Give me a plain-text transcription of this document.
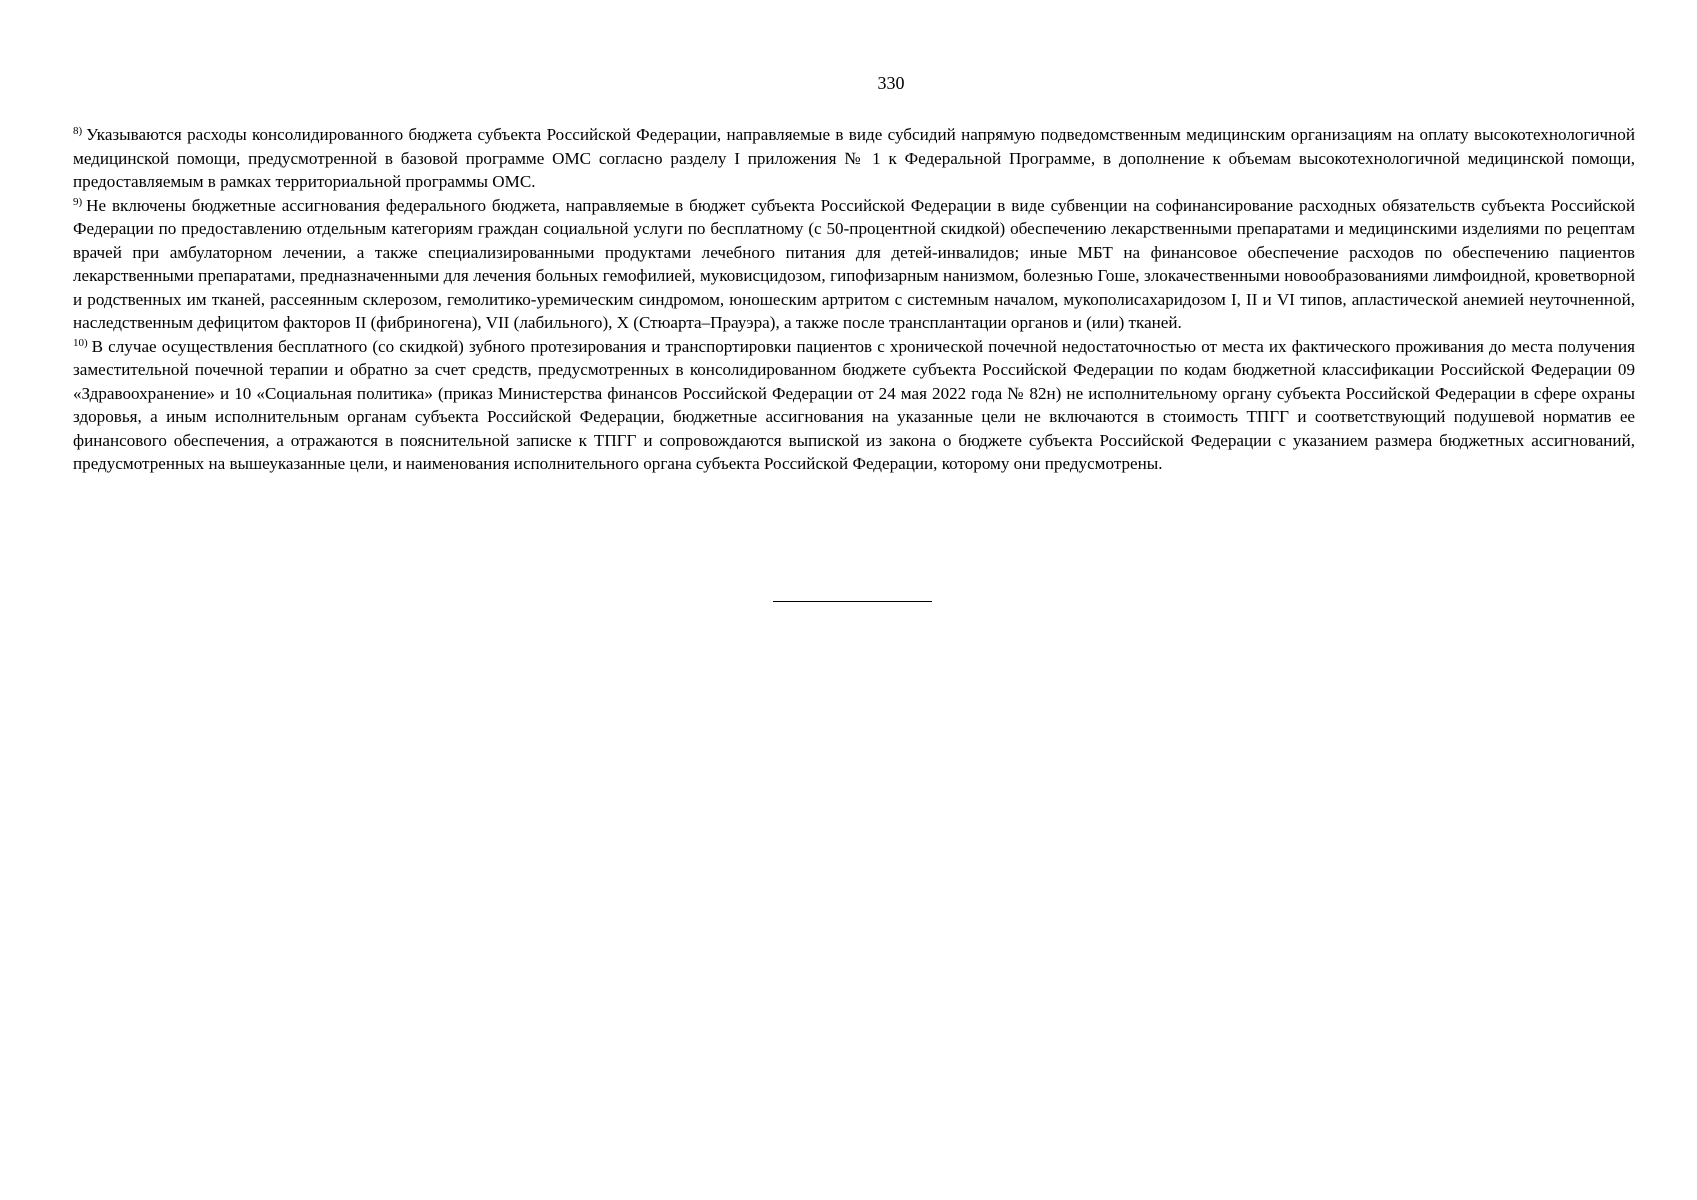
330

$^{8)}$ Указываются расходы консолидированного бюджета субъекта Российской Федерации, направляемые в виде субсидий напрямую подведомственным медицинским организациям на оплату высокотехнологичной медицинской помощи, предусмотренной в базовой программе ОМС согласно разделу I приложения № 1 к Федеральной Программе, в дополнение к объемам высокотехнологичной медицинской помощи, предоставляемым в рамках территориальной программы ОМС.

$^{9)}$ Не включены бюджетные ассигнования федерального бюджета, направляемые в бюджет субъекта Российской Федерации в виде субвенции на софинансирование расходных обязательств субъекта Российской Федерации по предоставлению отдельным категориям граждан социальной услуги по бесплатному (с 50-процентной скидкой) обеспечению лекарственными препаратами и медицинскими изделиями по рецептам врачей при амбулаторном лечении, а также специализированными продуктами лечебного питания для детей-инвалидов; иные МБТ на финансовое обеспечение расходов по обеспечению пациентов лекарственными препаратами, предназначенными для лечения больных гемофилией, муковисцидозом, гипофизарным нанизмом, болезнью Гоше, злокачественными новообразованиями лимфоидной, кроветворной и родственных им тканей, рассеянным склерозом, гемолитико-уремическим синдромом, юношеским артритом с системным началом, мукополисахаридозом I, II и VI типов, апластической анемией неуточненной, наследственным дефицитом факторов II (фибриногена), VII (лабильного), X (Стюарта–Прауэра), а также после трансплантации органов и (или) тканей.

$^{10)}$ В случае осуществления бесплатного (со скидкой) зубного протезирования и транспортировки пациентов с хронической почечной недостаточностью от места их фактического проживания до места получения заместительной почечной терапии и обратно за счет средств, предусмотренных в консолидированном бюджете субъекта Российской Федерации по кодам бюджетной классификации Российской Федерации 09 «Здравоохранение» и 10 «Социальная политика» (приказ Министерства финансов Российской Федерации от 24 мая 2022 года № 82н) не исполнительному органу субъекта Российской Федерации в сфере охраны здоровья, а иным исполнительным органам субъекта Российской Федерации, бюджетные ассигнования на указанные цели не включаются в стоимость ТПГГ и соответствующий подушевой норматив ее финансового обеспечения, а отражаются в пояснительной записке к ТПГГ и сопровождаются выпиской из закона о бюджете субъекта Российской Федерации с указанием размера бюджетных ассигнований, предусмотренных на вышеуказанные цели, и наименования исполнительного органа субъекта Российской Федерации, которому они предусмотрены.
